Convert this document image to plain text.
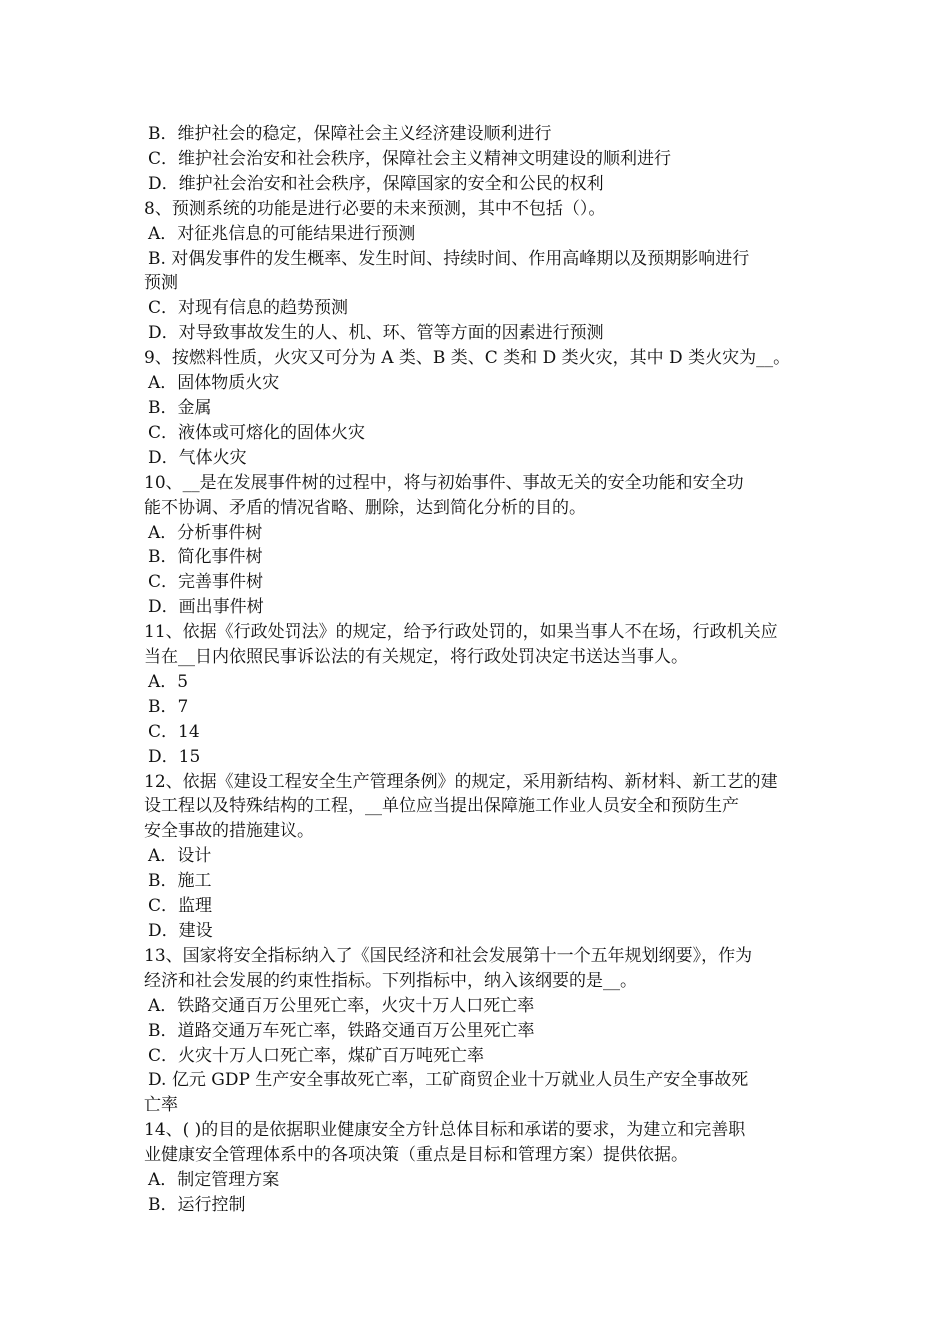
B．维护社会的稳定，保障社会主义经济建设顺利进行
C．维护社会治安和社会秩序，保障社会主义精神文明建设的顺利进行
D．维护社会治安和社会秩序，保障国家的安全和公民的权利
8、预测系统的功能是进行必要的未来预测，其中不包括（）。
A．对征兆信息的可能结果进行预测
B. 对偶发事件的发生概率、发生时间、持续时间、作用高峰期以及预期影响进行
预测
C．对现有信息的趋势预测
D．对导致事故发生的人、机、环、管等方面的因素进行预测
9、按燃料性质，火灾又可分为 A 类、B 类、C 类和 D 类火灾，其中 D 类火灾为__。
A．固体物质火灾
B．金属
C．液体或可熔化的固体火灾
D．气体火灾
10、__是在发展事件树的过程中，将与初始事件、事故无关的安全功能和安全功
能不协调、矛盾的情况省略、删除，达到简化分析的目的。
A．分析事件树
B．简化事件树
C．完善事件树
D．画出事件树
11、依据《行政处罚法》的规定，给予行政处罚的，如果当事人不在场，行政机关应
当在__日内依照民事诉讼法的有关规定，将行政处罚决定书送达当事人。
A．5
B．7
C．14
D．15
12、依据《建设工程安全生产管理条例》的规定，采用新结构、新材料、新工艺的建
设工程以及特殊结构的工程，__单位应当提出保障施工作业人员安全和预防生产
安全事故的措施建议。
A．设计
B．施工
C．监理
D．建设
13、国家将安全指标纳入了《国民经济和社会发展第十一个五年规划纲要》，作为
经济和社会发展的约束性指标。下列指标中，纳入该纲要的是__。
A．铁路交通百万公里死亡率，火灾十万人口死亡率
B．道路交通万车死亡率，铁路交通百万公里死亡率
C．火灾十万人口死亡率，煤矿百万吨死亡率
D. 亿元 GDP 生产安全事故死亡率，工矿商贸企业十万就业人员生产安全事故死
亡率
14、( )的目的是依据职业健康安全方针总体目标和承诺的要求，为建立和完善职
业健康安全管理体系中的各项决策（重点是目标和管理方案）提供依据。
A．制定管理方案
B．运行控制
